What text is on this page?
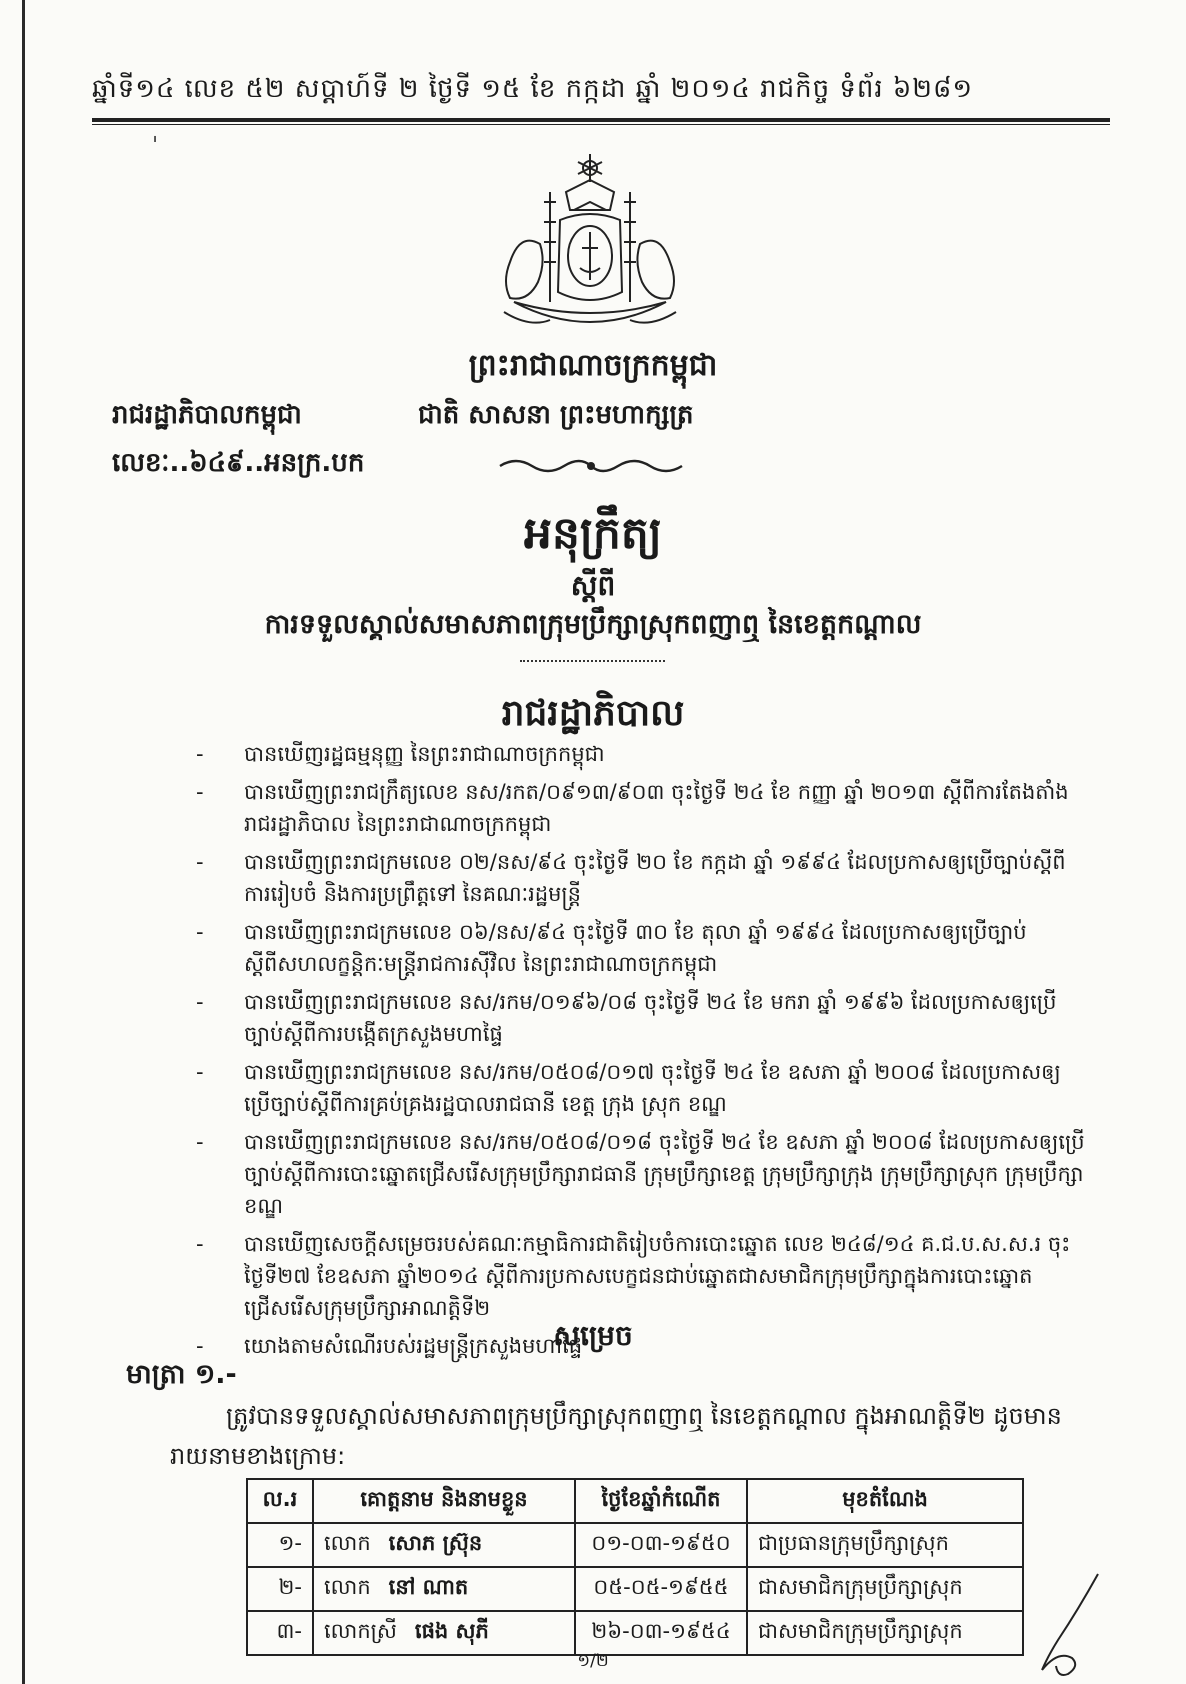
ឆ្នាំទី១៤ លេខ ៥២ សប្តាហ៍ទី ២ ថ្ងៃទី ១៥ ខែ កក្កដា ឆ្នាំ ២០១៤ រាជកិច្ច ទំព័រ ៦២៨១
ˈ
ព្រះរាជាណាចក្រកម្ពុជា
រាជរដ្ឋាភិបាលកម្ពុជា	ជាតិ សាសនា ព្រះមហាក្សត្រ
លេខៈ..៦៤៩..អនក្រ.បក
អនុក្រឹត្យ
ស្តីពី
ការទទួលស្គាល់សមាសភាពក្រុមប្រឹក្សាស្រុកពញាឮ នៃខេត្តកណ្តាល
រាជរដ្ឋាភិបាល
- បានឃើញរដ្ឋធម្មនុញ្ញ នៃព្រះរាជាណាចក្រកម្ពុជា
- បានឃើញព្រះរាជក្រឹត្យលេខ នស/រកត/០៩១៣/៩០៣ ចុះថ្ងៃទី ២៤ ខែ កញ្ញា ឆ្នាំ ២០១៣ ស្តីពីការតែងតាំងរាជរដ្ឋាភិបាល នៃព្រះរាជាណាចក្រកម្ពុជា
- បានឃើញព្រះរាជក្រមលេខ ០២/នស/៩៤ ចុះថ្ងៃទី ២០ ខែ កក្កដា ឆ្នាំ ១៩៩៤ ដែលប្រកាសឲ្យប្រើច្បាប់ស្តីពីការរៀបចំ និងការប្រព្រឹត្តទៅ នៃគណៈរដ្ឋមន្ត្រី
- បានឃើញព្រះរាជក្រមលេខ ០៦/នស/៩៤ ចុះថ្ងៃទី ៣០ ខែ តុលា ឆ្នាំ ១៩៩៤ ដែលប្រកាសឲ្យប្រើច្បាប់ស្តីពីសហលក្ខន្តិកៈមន្ត្រីរាជការស៊ីវិល នៃព្រះរាជាណាចក្រកម្ពុជា
- បានឃើញព្រះរាជក្រមលេខ នស/រកម/០១៩៦/០៨ ចុះថ្ងៃទី ២៤ ខែ មករា ឆ្នាំ ១៩៩៦ ដែលប្រកាសឲ្យប្រើច្បាប់ស្តីពីការបង្កើតក្រសួងមហាផ្ទៃ
- បានឃើញព្រះរាជក្រមលេខ នស/រកម/០៥០៨/០១៧ ចុះថ្ងៃទី ២៤ ខែ ឧសភា ឆ្នាំ ២០០៨ ដែលប្រកាសឲ្យប្រើច្បាប់ស្តីពីការគ្រប់គ្រងរដ្ឋបាលរាជធានី ខេត្ត ក្រុង ស្រុក ខណ្ឌ
- បានឃើញព្រះរាជក្រមលេខ នស/រកម/០៥០៨/០១៨ ចុះថ្ងៃទី ២៤ ខែ ឧសភា ឆ្នាំ ២០០៨ ដែលប្រកាសឲ្យប្រើច្បាប់ស្តីពីការបោះឆ្នោតជ្រើសរើសក្រុមប្រឹក្សារាជធានី ក្រុមប្រឹក្សាខេត្ត ក្រុមប្រឹក្សាក្រុង ក្រុមប្រឹក្សាស្រុក ក្រុមប្រឹក្សាខណ្ឌ
- បានឃើញសេចក្តីសម្រេចរបស់គណៈកម្មាធិការជាតិរៀបចំការបោះឆ្នោត លេខ ២៤៨/១៤ គ.ជ.ប.ស.ស.រ ចុះថ្ងៃទី២៧ ខែឧសភា ឆ្នាំ២០១៤ ស្តីពីការប្រកាសបេក្ខជនជាប់ឆ្នោតជាសមាជិកក្រុមប្រឹក្សាក្នុងការបោះឆ្នោតជ្រើសរើសក្រុមប្រឹក្សាអាណត្តិទី២
- យោងតាមសំណើរបស់រដ្ឋមន្ត្រីក្រសួងមហាផ្ទៃ
សម្រេច
មាត្រា ១.-
ត្រូវបានទទួលស្គាល់សមាសភាពក្រុមប្រឹក្សាស្រុកពញាឮ នៃខេត្តកណ្តាល ក្នុងអាណត្តិទី២ ដូចមានរាយនាមខាងក្រោម:
ល.រ	គោត្តនាម និងនាមខ្លួន	ថ្ងៃខែឆ្នាំកំណើត	មុខតំណែង
១-	លោក សោភ ស៊្រុន	០១-០៣-១៩៥០	ជាប្រធានក្រុមប្រឹក្សាស្រុក
២-	លោក នៅ ណាត	០៥-០៥-១៩៥៥	ជាសមាជិកក្រុមប្រឹក្សាស្រុក
៣-	លោកស្រី ផេង សុភី	២៦-០៣-១៩៥៤	ជាសមាជិកក្រុមប្រឹក្សាស្រុក
១/២
